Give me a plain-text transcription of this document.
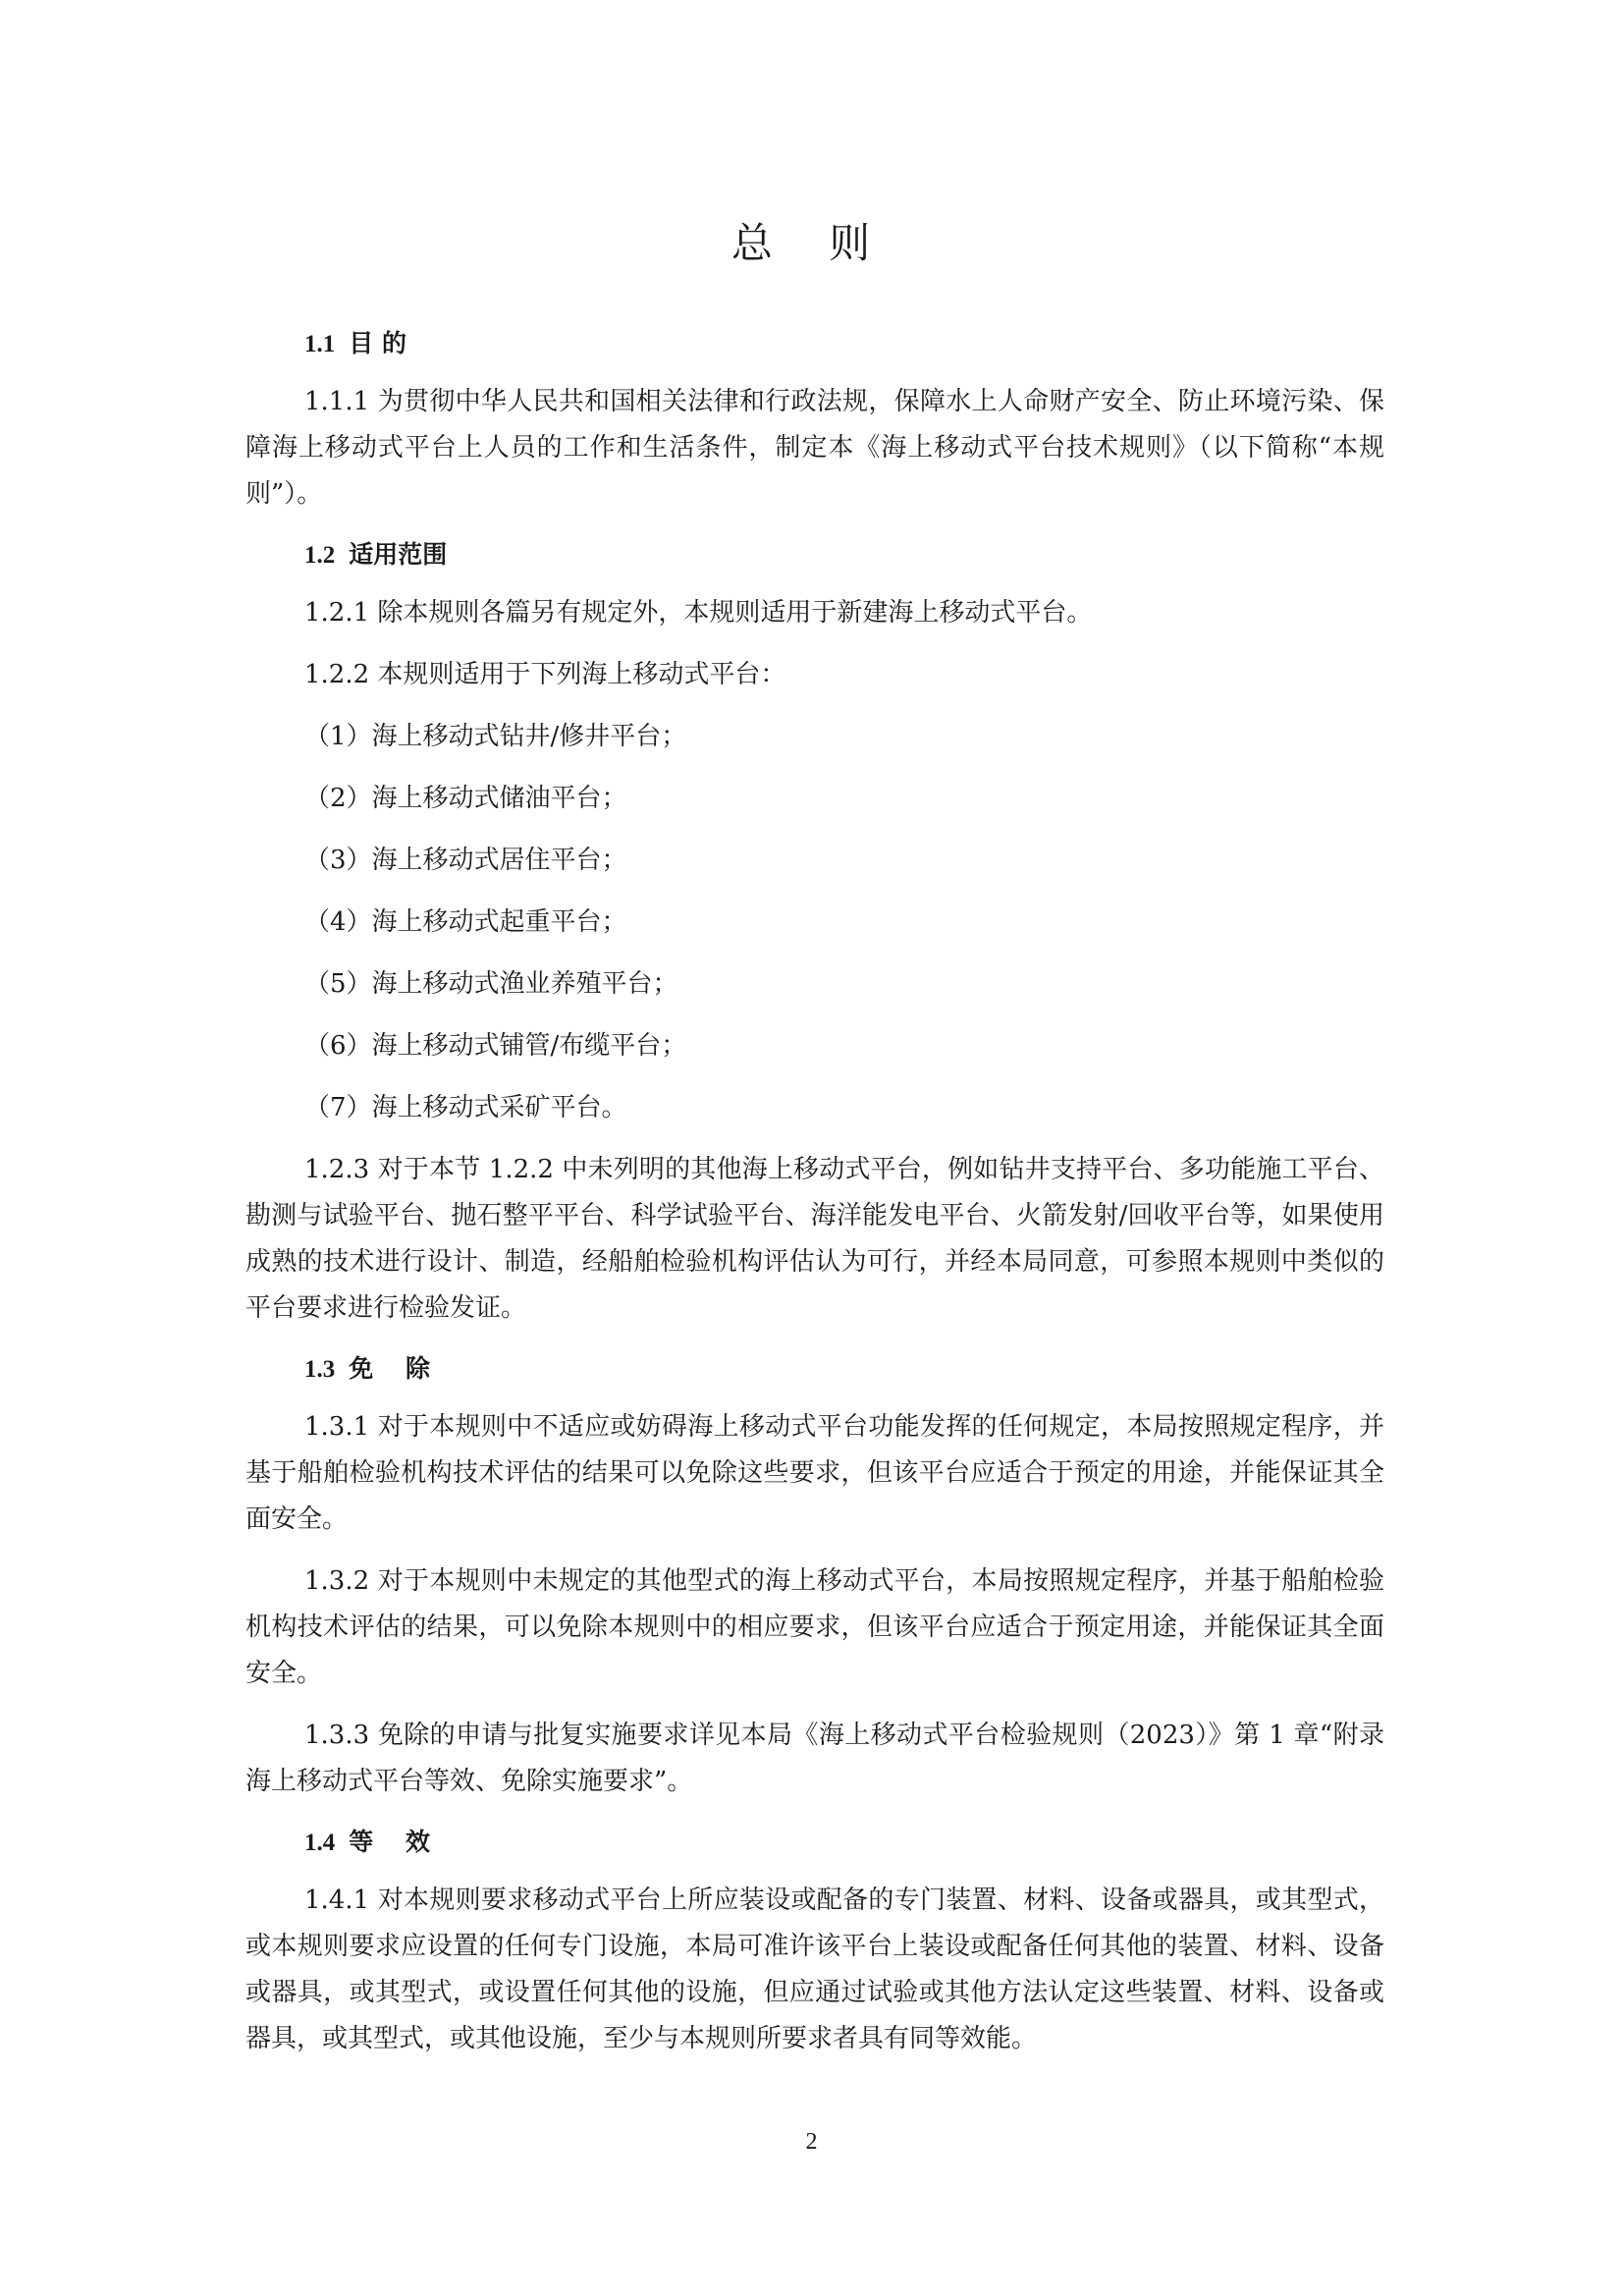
总 则
1.1 目 的

1.1.1 为贯彻中华人民共和国相关法律和行政法规，保障水上人命财产安全、防止环境污染、保障海上移动式平台上人员的工作和生活条件，制定本《海上移动式平台技术规则》（以下简称“本规则”）。

1.2 适用范围

1.2.1 除本规则各篇另有规定外，本规则适用于新建海上移动式平台。

1.2.2 本规则适用于下列海上移动式平台：

（1）海上移动式钻井/修井平台；
（2）海上移动式储油平台；
（3）海上移动式居住平台；
（4）海上移动式起重平台；
（5）海上移动式渔业养殖平台；
（6）海上移动式铺管/布缆平台；
（7）海上移动式采矿平台。

1.2.3 对于本节 1.2.2 中未列明的其他海上移动式平台，例如钻井支持平台、多功能施工平台、勘测与试验平台、抛石整平平台、科学试验平台、海洋能发电平台、火箭发射/回收平台等，如果使用成熟的技术进行设计、制造，经船舶检验机构评估认为可行，并经本局同意，可参照本规则中类似的平台要求进行检验发证。

1.3 免 除

1.3.1 对于本规则中不适应或妨碍海上移动式平台功能发挥的任何规定，本局按照规定程序，并基于船舶检验机构技术评估的结果可以免除这些要求，但该平台应适合于预定的用途，并能保证其全面安全。

1.3.2 对于本规则中未规定的其他型式的海上移动式平台，本局按照规定程序，并基于船舶检验机构技术评估的结果，可以免除本规则中的相应要求，但该平台应适合于预定用途，并能保证其全面安全。

1.3.3 免除的申请与批复实施要求详见本局《海上移动式平台检验规则（2023）》第 1 章“附录 海上移动式平台等效、免除实施要求”。

1.4 等 效

1.4.1 对本规则要求移动式平台上所应装设或配备的专门装置、材料、设备或器具，或其型式，或本规则要求应设置的任何专门设施，本局可准许该平台上装设或配备任何其他的装置、材料、设备或器具，或其型式，或设置任何其他的设施，但应通过试验或其他方法认定这些装置、材料、设备或器具，或其型式，或其他设施，至少与本规则所要求者具有同等效能。

2
